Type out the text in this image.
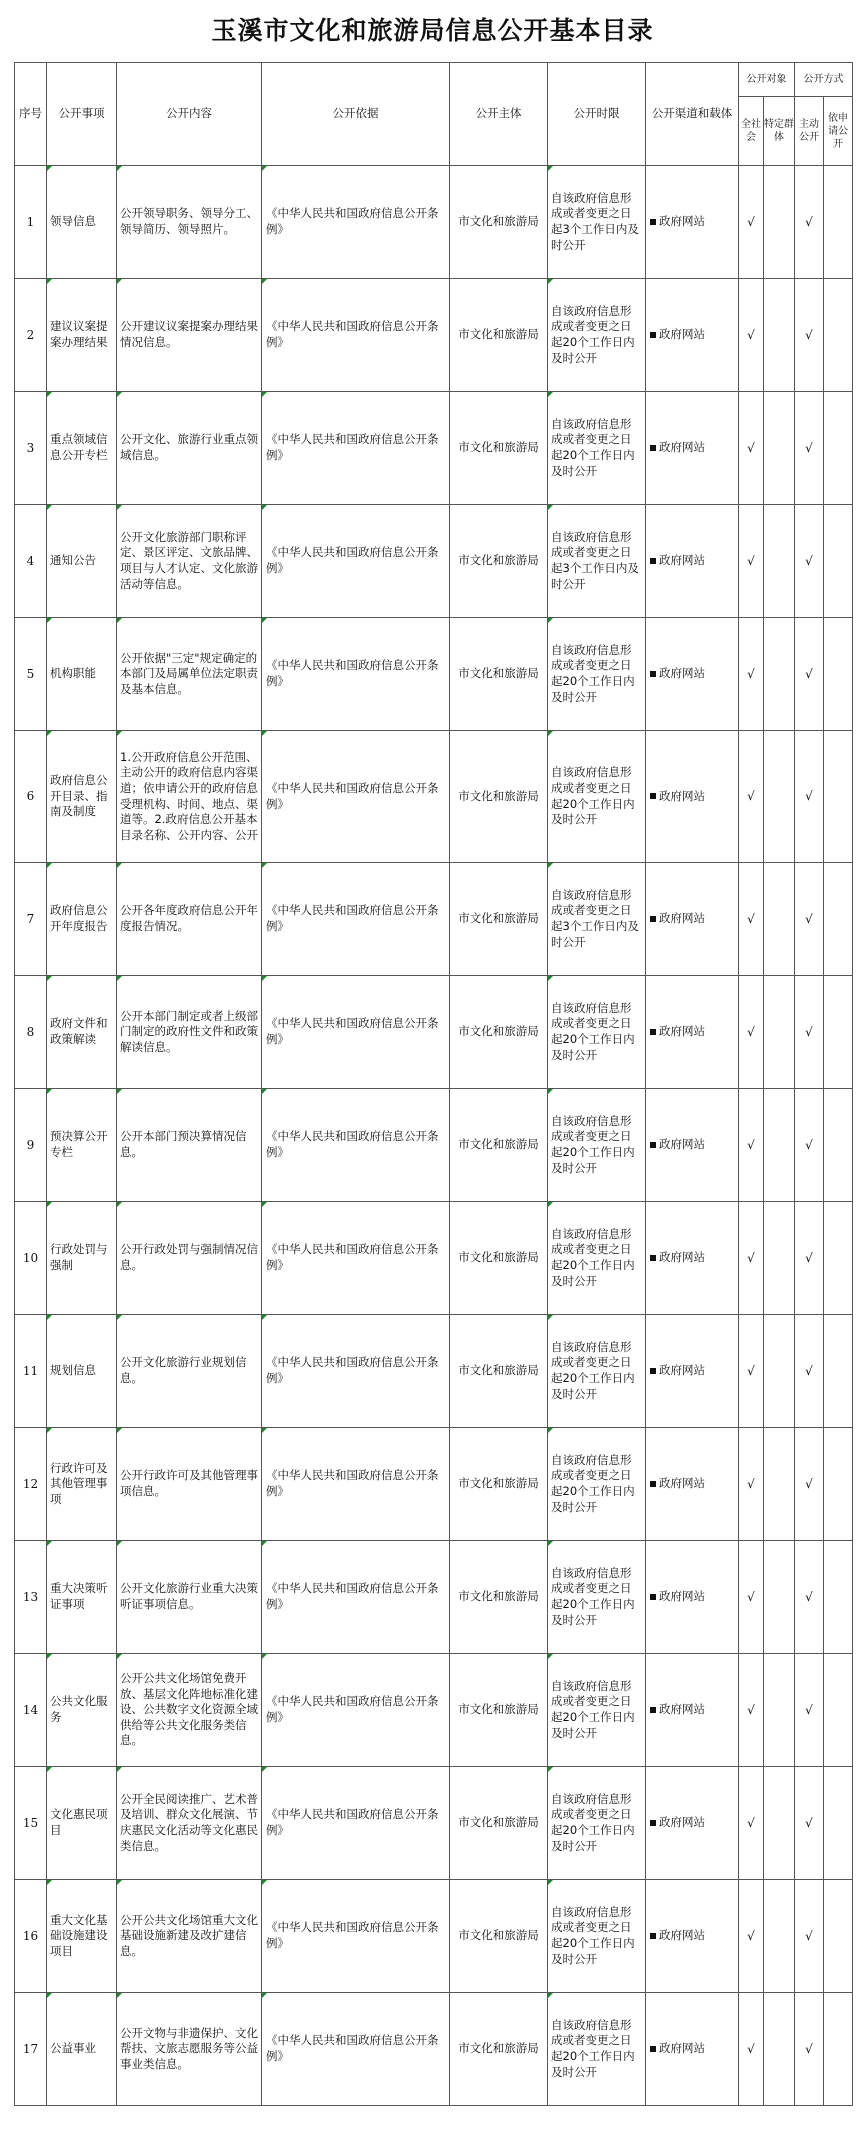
玉溪市文化和旅游局信息公开基本目录
序号	公开事项	公开内容	公开依据	公开主体	公开时限	公开渠道和载体	公开对象		公开方式	
							全社会	特定群体	主动公开	依申请公开
1	领导信息	公开领导职务、领导分工、领导简历、领导照片。	《中华人民共和国政府信息公开条例》	市文化和旅游局	自该政府信息形成或者变更之日起3个工作日内及时公开	政府网站	√		√	
2	建议议案提案办理结果	公开建议议案提案办理结果情况信息。	《中华人民共和国政府信息公开条例》	市文化和旅游局	自该政府信息形成或者变更之日起20个工作日内及时公开	政府网站	√		√	
3	重点领域信息公开专栏	公开文化、旅游行业重点领域信息。	《中华人民共和国政府信息公开条例》	市文化和旅游局	自该政府信息形成或者变更之日起20个工作日内及时公开	政府网站	√		√	
4	通知公告	公开文化旅游部门职称评定、景区评定、文旅品牌、项目与人才认定、文化旅游活动等信息。	《中华人民共和国政府信息公开条例》	市文化和旅游局	自该政府信息形成或者变更之日起3个工作日内及时公开	政府网站	√		√	
5	机构职能	公开依据"三定"规定确定的本部门及局属单位法定职责及基本信息。	《中华人民共和国政府信息公开条例》	市文化和旅游局	自该政府信息形成或者变更之日起20个工作日内及时公开	政府网站	√		√	
6	政府信息公开目录、指南及制度	1.公开政府信息公开范围、主动公开的政府信息内容渠道；依申请公开的政府信息受理机构、时间、地点、渠道等。2.政府信息公开基本目录名称、公开内容、公开	《中华人民共和国政府信息公开条例》	市文化和旅游局	自该政府信息形成或者变更之日起20个工作日内及时公开	政府网站	√		√	
7	政府信息公开年度报告	公开各年度政府信息公开年度报告情况。	《中华人民共和国政府信息公开条例》	市文化和旅游局	自该政府信息形成或者变更之日起3个工作日内及时公开	政府网站	√		√	
8	政府文件和政策解读	公开本部门制定或者上级部门制定的政府性文件和政策解读信息。	《中华人民共和国政府信息公开条例》	市文化和旅游局	自该政府信息形成或者变更之日起20个工作日内及时公开	政府网站	√		√	
9	预决算公开专栏	公开本部门预决算情况信息。	《中华人民共和国政府信息公开条例》	市文化和旅游局	自该政府信息形成或者变更之日起20个工作日内及时公开	政府网站	√		√	
10	行政处罚与强制	公开行政处罚与强制情况信息。	《中华人民共和国政府信息公开条例》	市文化和旅游局	自该政府信息形成或者变更之日起20个工作日内及时公开	政府网站	√		√	
11	规划信息	公开文化旅游行业规划信息。	《中华人民共和国政府信息公开条例》	市文化和旅游局	自该政府信息形成或者变更之日起20个工作日内及时公开	政府网站	√		√	
12	行政许可及其他管理事项	公开行政许可及其他管理事项信息。	《中华人民共和国政府信息公开条例》	市文化和旅游局	自该政府信息形成或者变更之日起20个工作日内及时公开	政府网站	√		√	
13	重大决策听证事项	公开文化旅游行业重大决策听证事项信息。	《中华人民共和国政府信息公开条例》	市文化和旅游局	自该政府信息形成或者变更之日起20个工作日内及时公开	政府网站	√		√	
14	公共文化服务	公开公共文化场馆免费开放、基层文化阵地标准化建设、公共数字文化资源全域供给等公共文化服务类信息。	《中华人民共和国政府信息公开条例》	市文化和旅游局	自该政府信息形成或者变更之日起20个工作日内及时公开	政府网站	√		√	
15	文化惠民项目	公开全民阅读推广、艺术普及培训、群众文化展演、节庆惠民文化活动等文化惠民类信息。	《中华人民共和国政府信息公开条例》	市文化和旅游局	自该政府信息形成或者变更之日起20个工作日内及时公开	政府网站	√		√	
16	重大文化基础设施建设项目	公开公共文化场馆重大文化基础设施新建及改扩建信息。	《中华人民共和国政府信息公开条例》	市文化和旅游局	自该政府信息形成或者变更之日起20个工作日内及时公开	政府网站	√		√	
17	公益事业	公开文物与非遗保护、文化帮扶、文旅志愿服务等公益事业类信息。	《中华人民共和国政府信息公开条例》	市文化和旅游局	自该政府信息形成或者变更之日起20个工作日内及时公开	政府网站	√		√	
